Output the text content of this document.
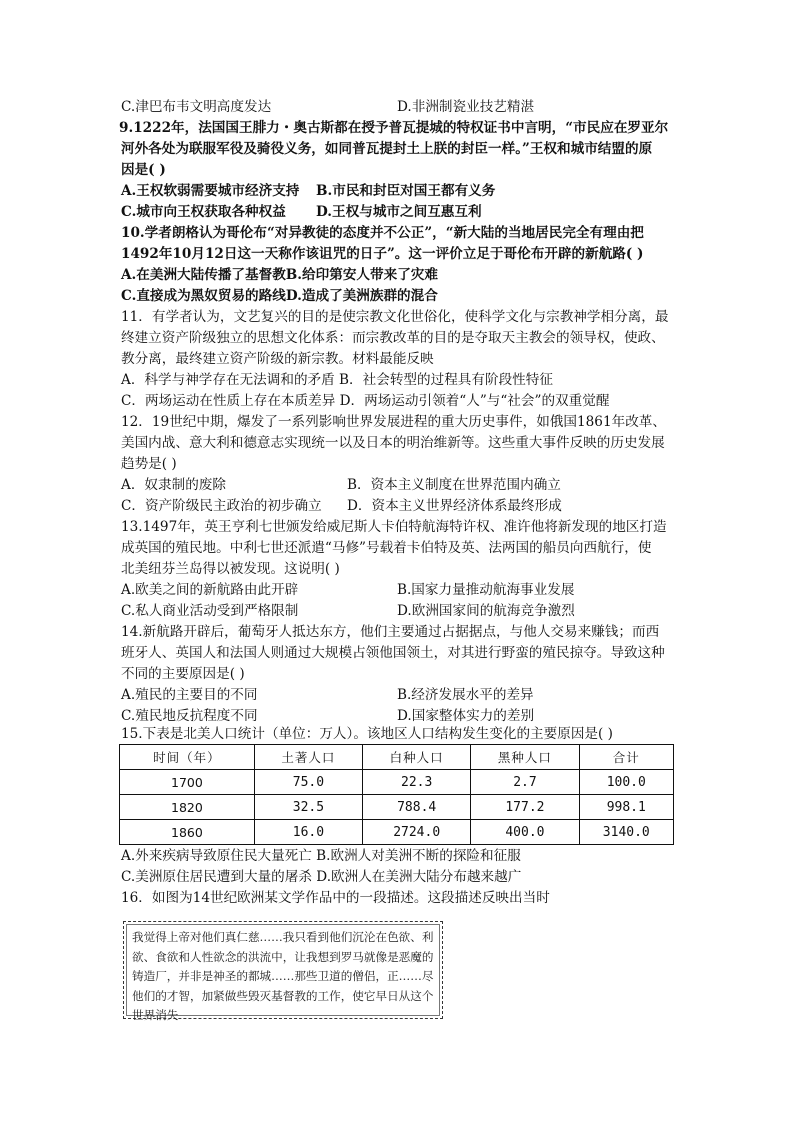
C.津巴布韦文明高度发达
9.1222年，法国国王腓力・奥古斯都在授予普瓦提城的特权证书中言明，“市民应在罗亚尔
河外各处为联服军役及骑役义务，如同普瓦提封土上朕的封臣一样。”王权和城市结盟的原
因是( )
A.王权软弱需要城市经济支持
C.城市向王权获取各种权益
10.学者朗格认为哥伦布“对异教徒的态度并不公正”，“新大陆的当地居民完全有理由把
1492年10月12日这一天称作该诅咒的日子”。这一评价立足于哥伦布开辟的新航路( )
A.在美洲大陆传播了基督教B.给印第安人带来了灾难
C.直接成为黑奴贸易的路线D.造成了美洲族群的混合
11．有学者认为，文艺复兴的目的是使宗教文化世俗化，使科学文化与宗教神学相分离，最
终建立资产阶级独立的思想文化体系：而宗教改革的目的是夺取天主教会的领导权，使政、
教分离，最终建立资产阶级的新宗教。材料最能反映
A．科学与神学存在无法调和的矛盾 B．社会转型的过程具有阶段性特征
C．两场运动在性质上存在本质差异 D．两场运动引领着“人”与“社会”的双重觉醒
12．19世纪中期，爆发了一系列影响世界发展进程的重大历史事件，如俄国1861年改革、
美国内战、意大利和德意志实现统一以及日本的明治维新等。这些重大事件反映的历史发展
趋势是( )
A．奴隶制的废除
C．资产阶级民主政治的初步确立
13.1497年，英王亨利七世颁发给威尼斯人卡伯特航海特许权、准许他将新发现的地区打造
成英国的殖民地。中利七世还派遣“马修”号载着卡伯特及英、法两国的船员向西航行，使
北美纽芬兰岛得以被发现。这说明( )
A.欧美之间的新航路由此开辟
C.私人商业活动受到严格限制
14.新航路开辟后，葡萄牙人抵达东方，他们主要通过占据据点，与他人交易来赚钱；而西
班牙人、英国人和法国人则通过大规模占领他国领土，对其进行野蛮的殖民掠夺。导致这种
不同的主要原因是( )
A.殖民的主要目的不同
C.殖民地反抗程度不同
15.下表是北美人口统计（单位：万人）。该地区人口结构发生变化的主要原因是( )
D.非洲制瓷业技艺精湛
B.市民和封臣对国王都有义务
D.王权与城市之间互惠互利
B．资本主义制度在世界范围内确立
D．资本主义世界经济体系最终形成
B.国家力量推动航海事业发展
D.欧洲国家间的航海竞争激烈
B.经济发展水平的差异
D.国家整体实力的差别
时间（年）	土著人口	白种人口	黑种人口	合计
1700	75.0	22.3	2.7	100.0
1820	32.5	788.4	177.2	998.1
1860	16.0	2724.0	400.0	3140.0
A.外来疾病导致原住民大量死亡 B.欧洲人对美洲不断的探险和征服
C.美洲原住居民遭到大量的屠杀 D.欧洲人在美洲大陆分布越来越广
16．如图为14世纪欧洲某文学作品中的一段描述。这段描述反映出当时
我觉得上帝对他们真仁慈……我只看到他们沉沦在色欲、利欲、食欲和人性欲念的洪流中，让我想到罗马就像是恶魔的铸造厂，并非是神圣的都城……那些卫道的僧侣，正……尽他们的才智，加紧做些毁灭基督教的工作，使它早日从这个世界消失
